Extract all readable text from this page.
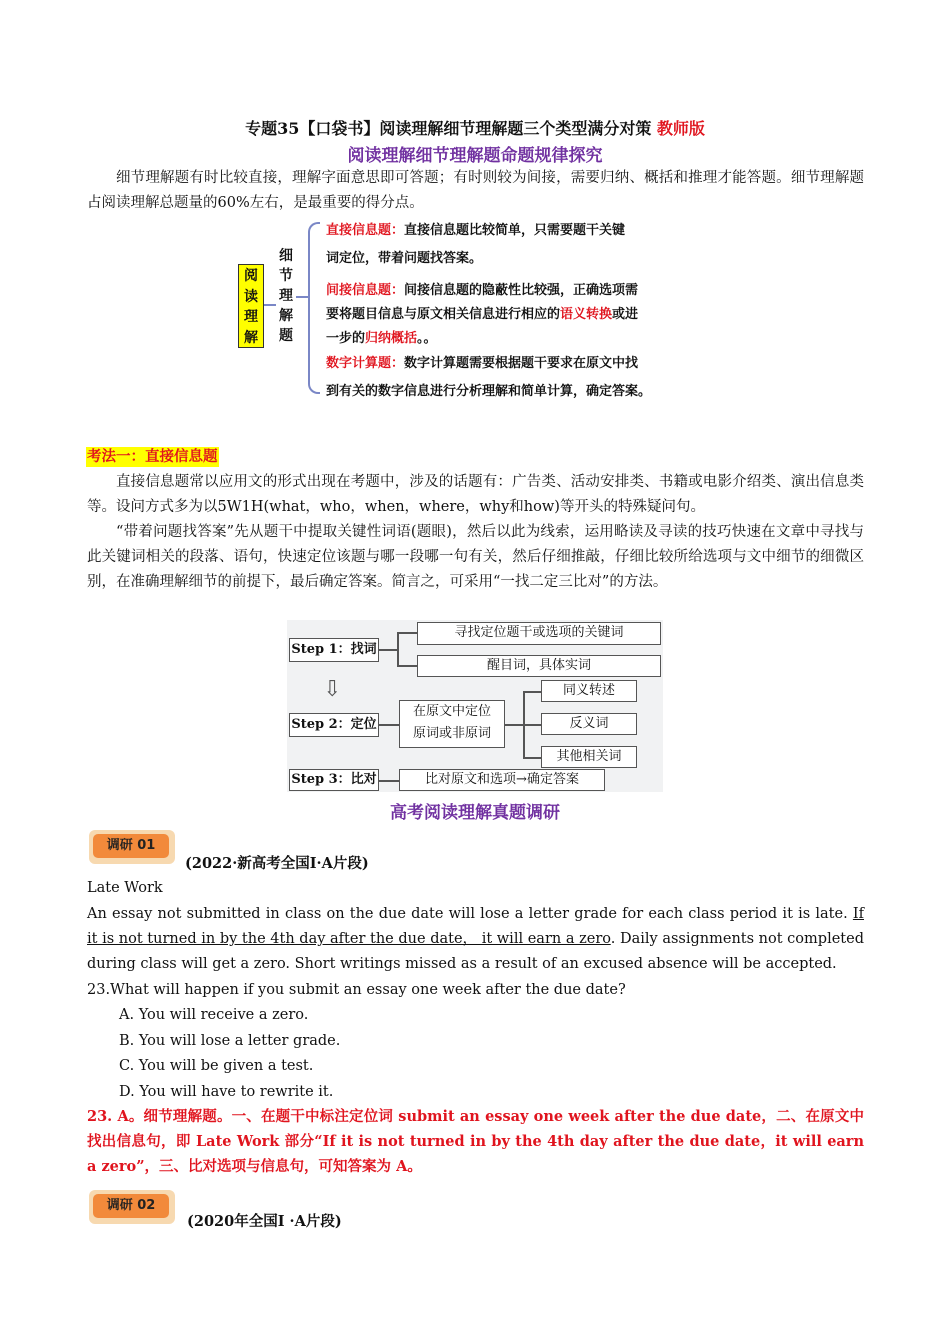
专题35【口袋书】阅读理解细节理解题三个类型满分对策 教师版
阅读理解细节理解题命题规律探究
细节理解题有时比较直接，理解字面意思即可答题；有时则较为间接，需要归纳、概括和推理才能答题。细节理解题占阅读理解总题量的60%左右，是最重要的得分点。
阅
读
理
解
细
节
理
解
题
直接信息题：直接信息题比较简单，只需要题干关键
词定位，带着问题找答案。
间接信息题：间接信息题的隐蔽性比较强，正确选项需
要将题目信息与原文相关信息进行相应的语义转换或进
一步的归纳概括。。
数字计算题：数字计算题需要根据题干要求在原文中找
到有关的数字信息进行分析理解和简单计算，确定答案。
考法一：直接信息题
直接信息题常以应用文的形式出现在考题中，涉及的话题有：广告类、活动安排类、书籍或电影介绍类、演出信息类等。设问方式多为以5W1H(what，who，when，where，why和how)等开头的特殊疑问句。
“带着问题找答案”先从题干中提取关键性词语(题眼)，然后以此为线索，运用略读及寻读的技巧快速在文章中寻找与此关键词相关的段落、语句，快速定位该题与哪一段哪一句有关，然后仔细推敲，仔细比较所给选项与文中细节的细微区别，在准确理解细节的前提下，最后确定答案。简言之，可采用“一找二定三比对”的方法。
Step 1：找词
寻找定位题干或选项的关键词
醒目词，具体实词
⇩
Step 2：定位
在原文中定位
原词或非原词
同义转述
反义词
其他相关词
Step 3：比对	比对原文和选项→确定答案
高考阅读理解真题调研
调研 01
(2022·新高考全国Ⅰ·A片段)
Late Work
An essay not submitted in class on the due date will lose a letter grade for each class period it is late. If it is not turned in by the 4th day after the due date， it will earn a zero. Daily assignments not completed during class will get a zero. Short writings missed as a result of an excused absence will be accepted.
23.What will happen if you submit an essay one week after the due date?
A. You will receive a zero.
B. You will lose a letter grade.
C. You will be given a test.
D. You will have to rewrite it.
23. A。细节理解题。一、在题干中标注定位词 submit an essay one week after the due date，二、在原文中找出信息句，即 Late Work 部分“If it is not turned in by the 4th day after the due date，it will earn a zero”，三、比对选项与信息句，可知答案为 A。
调研 02
(2020年全国Ⅰ ·A片段)
